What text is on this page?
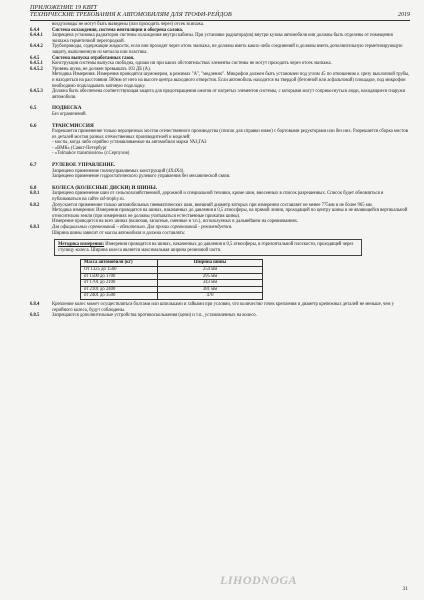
ПРИЛОЖЕНИЕ 19 КВТТ
ТЕХНИЧЕСКИЕ ТРЕБОВАНИЯ К АВТОМОБИЛЯМ ДЛЯ ТРОФИ-РЕЙДОВ	2019
воздуховоды не могут быть выведены (или проходить через) отсек экипажа.
6.4.4	Система охлаждения, система вентиляции и обогрева салона.
6.4.4.1	Запрещена установка радиаторов системы охлаждения внутри кабины. При установке радиатора(ов) внутри кузова автомобиля они должны быть отделены от помещения экипажа герметичной перегородкой.
6.4.4.2	Трубопроводы, содержащие жидкости, если они проходят через отсек экипажа, не должны иметь каких-либо соединений и должны иметь дополнительную герметизирующую защиту, выполненную из металла или пластика.
6.4.5	Система выпуска отработанных газов.
6.4.5.1	Конструкция системы выпуска свободна, однако ни при каких обстоятельствах элементы системы не могут проходить через отсек экипажа.
6.4.5.2	Уровень шума, не должен превышать 103 ДБ (А).
Методика Измерения. Измерения проводятся шумомером, в режимах "А", "медленно". Микрофон должен быть установлен под углом 45 по отношению к срезу выхлопной трубы, и находиться на расстоянии 500мм от него на высоте центра выходного отверстия. Если автомобиль находится на твердой (бетонной или асфальтовой) площадке, под микрофон необходимо подкладывать матовую подкладку.
6.4.5.3	Должна быть обеспечена соответствующая защита для предотвращения ожогов от нагретых элементов системы, с которыми могут соприкоснуться люди, находящиеся снаружи автомобиля.
6.5	ПОДВЕСКА
Без ограничений.
6.6	ТРАНСМИССИЯ
Разрешается применение только неразрезных мостов отечественного производства (список для справки ниже) с бортовыми редукторами или без них. Разрешается сборка мостов из деталей мостов разных отечественных производителей и моделей:
- мосты, когда либо серийно устанавливаемые на автомобили марки УАЗ,ГАЗ
- «ВМК» (Санкт-Петербург
- «Tolmakov transmission» (г.Серпухов)
6.7	РУЛЕВОЕ УПРАВЛЕНИЕ.
Запрещено применение полноуправляемых конструкций (4Х4Х4).
Запрещено применение гидростатического рулевого управления без механической связи.
6.8	КОЛЕСА (КОЛЕСНЫЕ ДИСКИ) И ШИНЫ.
6.8.1	Запрещено применение шин от сельскохозяйственной, дорожной и специальной техники, кроме шин, вносенных в список разрешенных. Список будет обновляться и публиковаться на сайте raf-trophy.ru.
6.8.2	Допускается применение только автомобильных пневматических шин, внешний диаметр которых при измерении составляет не менее 775мм и не более 965 мм.
Методика измерения: Измерения проводятся на шинах, накачанных до давления в 0,5 атмосферы, на прямой линии, проходящей по центру шины и не являющейся вертикальной относительно земли (при измерениях не должны учитываться естественные прижатия шины).
Измерение проводится на всех шинах (включая, запасные, сменные и т.п.), используемых в дальнейшем на соревнованиях.
6.8.3	Для официальных соревнований – обязательно. Для прочих соревнований - рекомендуется.
Ширина шины зависит от массы автомобиля и должна составлять:
Методика измерения: Измерения проводятся на шинах, накаченных до давления в 0,5 атмосферы, в горизонтальной плоскости, проходящей через ступицу колеса. Ширина колеса является максимальная ширина резиновой части.
Масса автомобиля (кг)	Ширина шины
От 1325 до 1500	254 мм
от 1500 до 1700	295 мм
от 1701 до 2100	343 мм
от 2101 до 2400	381 мм
от 2401 до 3500	470
6.8.4	Крепление колес может осуществляться болтами или шпильками и гайками при условии, что количество точек крепления и диаметр крепежных деталей не меньше, чем у серийного колеса, будут соблюдены.
6.8.5	Запрещаются дополнительные устройства противоскольжения (цепи) и т.п., установленных на колесо.
LIHODNOGA
31
